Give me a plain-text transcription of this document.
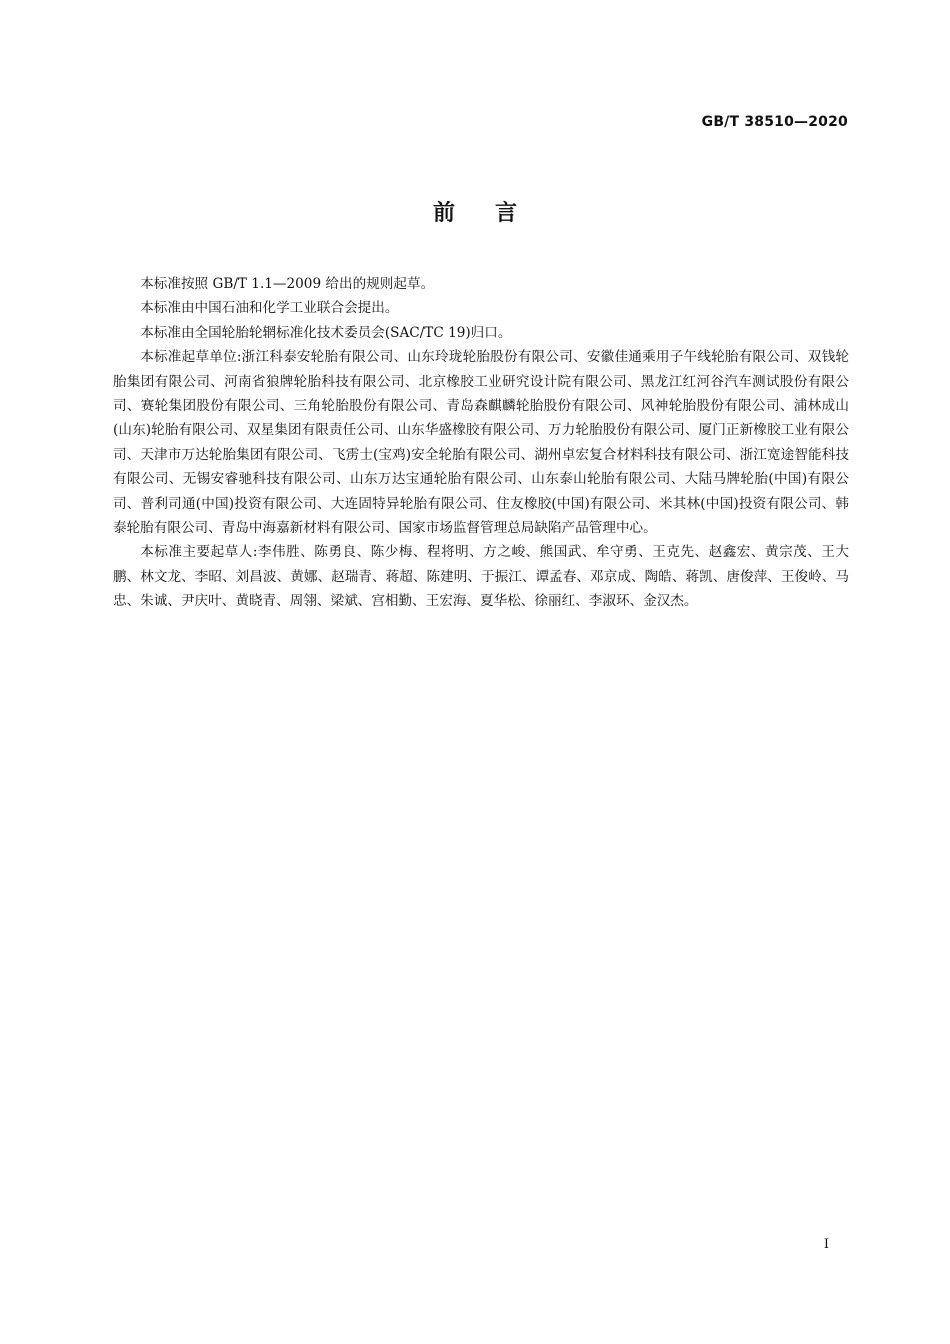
GB/T 38510—2020
前言

本标准按照 GB/T 1.1—2009 给出的规则起草。

本标准由中国石油和化学工业联合会提出。

本标准由全国轮胎轮辋标准化技术委员会(SAC/TC 19)归口。

本标准起草单位:浙江科泰安轮胎有限公司、山东玲珑轮胎股份有限公司、安徽佳通乘用子午线轮胎有限公司、双钱轮胎集团有限公司、河南省狼牌轮胎科技有限公司、北京橡胶工业研究设计院有限公司、黑龙江红河谷汽车测试股份有限公司、赛轮集团股份有限公司、三角轮胎股份有限公司、青岛森麒麟轮胎股份有限公司、风神轮胎股份有限公司、浦林成山(山东)轮胎有限公司、双星集团有限责任公司、山东华盛橡胶有限公司、万力轮胎股份有限公司、厦门正新橡胶工业有限公司、天津市万达轮胎集团有限公司、飞雳士(宝鸡)安全轮胎有限公司、湖州卓宏复合材料科技有限公司、浙江宽途智能科技有限公司、无锡安睿驰科技有限公司、山东万达宝通轮胎有限公司、山东泰山轮胎有限公司、大陆马牌轮胎(中国)有限公司、普利司通(中国)投资有限公司、大连固特异轮胎有限公司、住友橡胶(中国)有限公司、米其林(中国)投资有限公司、韩泰轮胎有限公司、青岛中海嘉新材料有限公司、国家市场监督管理总局缺陷产品管理中心。

本标准主要起草人:李伟胜、陈勇良、陈少梅、程将明、方之峻、熊国武、牟守勇、王克先、赵鑫宏、黄宗茂、王大鹏、林文龙、李昭、刘昌波、黄娜、赵瑞青、蒋超、陈建明、于振江、谭孟春、邓京成、陶皓、蒋凯、唐俊萍、王俊岭、马忠、朱诚、尹庆叶、黄晓青、周翎、梁斌、宫相勤、王宏海、夏华松、徐丽红、李淑环、金汉杰。

I
